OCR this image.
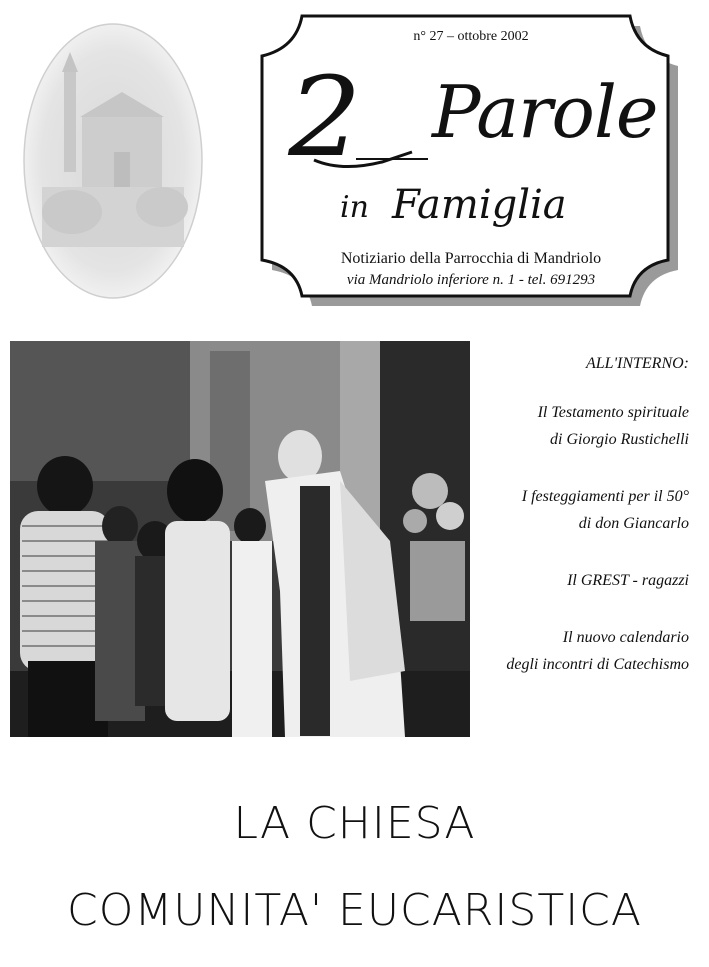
n° 27 – ottobre 2002
2 Parole
in Famiglia
Notiziario della Parrocchia di Mandriolo
via Mandriolo inferiore n. 1 - tel. 691293
ALL'INTERNO:
Il Testamento spirituale
di Giorgio Rustichelli
I festeggiamenti per il 50°
di don Giancarlo
Il GREST - ragazzi
Il nuovo calendario
degli incontri di Catechismo
LA CHIESA
COMUNITA' EUCARISTICA
